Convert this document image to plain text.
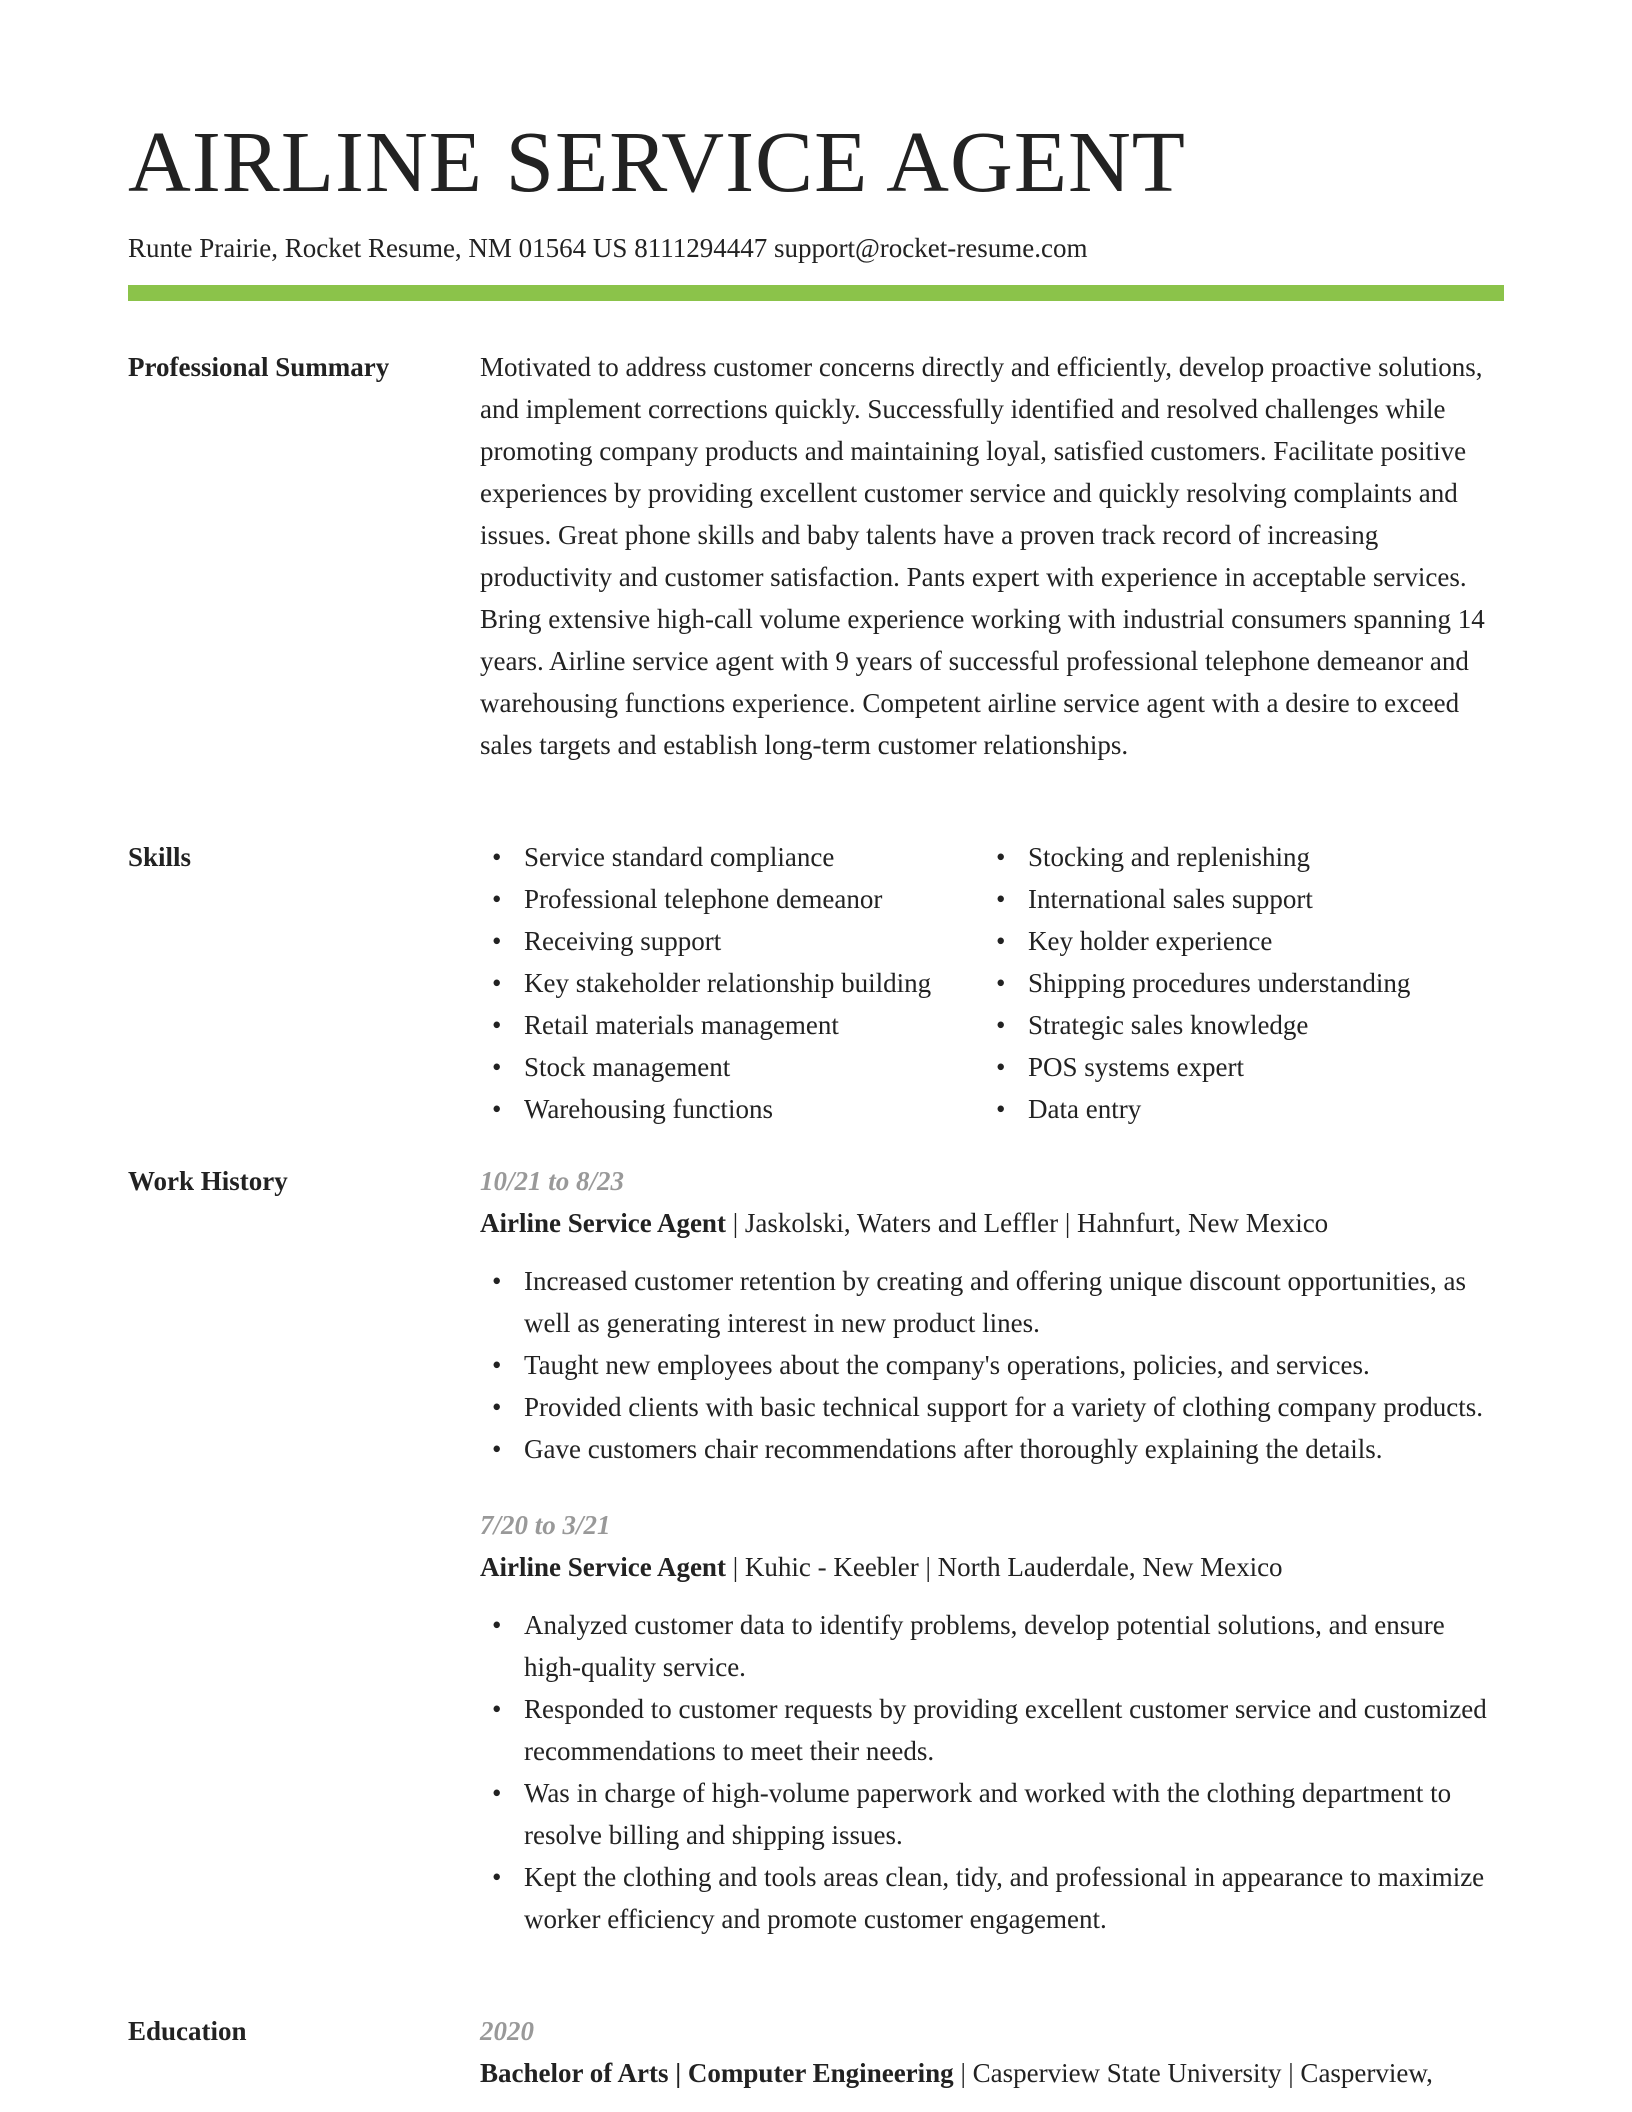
AIRLINE SERVICE AGENT
Runte Prairie, Rocket Resume, NM 01564 US 8111294447 support@rocket-resume.com
Professional Summary	Motivated to address customer concerns directly and efficiently, develop proactive solutions, and implement corrections quickly. Successfully identified and resolved challenges while promoting company products and maintaining loyal, satisfied customers. Facilitate positive experiences by providing excellent customer service and quickly resolving complaints and issues. Great phone skills and baby talents have a proven track record of increasing productivity and customer satisfaction. Pants expert with experience in acceptable services. Bring extensive high-call volume experience working with industrial consumers spanning 14 years. Airline service agent with 9 years of successful professional telephone demeanor and warehousing functions experience. Competent airline service agent with a desire to exceed sales targets and establish long-term customer relationships.

Skills
•	Service standard compliance
• Professional telephone demeanor
• Receiving support
• Key stakeholder relationship building
• Retail materials management
• Stock management
• Warehousing functions
• Stocking and replenishing
• International sales support
• Key holder experience
• Shipping procedures understanding
• Strategic sales knowledge
• POS systems expert
• Data entry
Work History	10/21 to 8/23
Airline Service Agent | Jaskolski, Waters and Leffler | Hahnfurt, New Mexico
• Increased customer retention by creating and offering unique discount opportunities, as well as generating interest in new product lines.
• Taught new employees about the company's operations, policies, and services.
• Provided clients with basic technical support for a variety of clothing company products.
• Gave customers chair recommendations after thoroughly explaining the details.
7/20 to 3/21
Airline Service Agent | Kuhic - Keebler | North Lauderdale, New Mexico
• Analyzed customer data to identify problems, develop potential solutions, and ensure high-quality service.
• Responded to customer requests by providing excellent customer service and customized recommendations to meet their needs.
• Was in charge of high-volume paperwork and worked with the clothing department to resolve billing and shipping issues.
• Kept the clothing and tools areas clean, tidy, and professional in appearance to maximize worker efficiency and promote customer engagement.
Education	2020
Bachelor of Arts | Computer Engineering | Casperview State University | Casperview,
